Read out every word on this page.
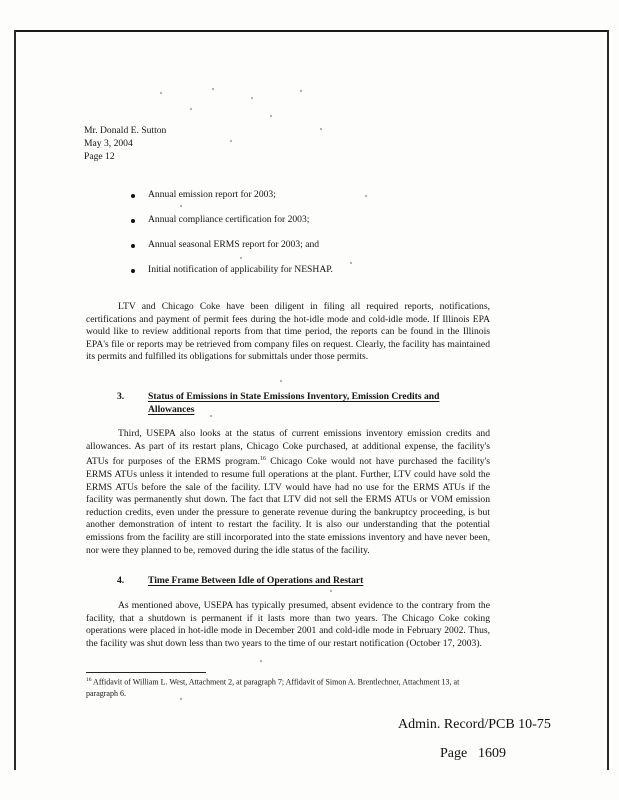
Mr. Donald E. Sutton
May 3, 2004
Page 12
Annual emission report for 2003;
Annual compliance certification for 2003;
Annual seasonal ERMS report for 2003; and
Initial notification of applicability for NESHAP.
LTV and Chicago Coke have been diligent in filing all required reports, notifications, certifications and payment of permit fees during the hot-idle mode and cold-idle mode. If Illinois EPA would like to review additional reports from that time period, the reports can be found in the Illinois EPA's file or reports may be retrieved from company files on request. Clearly, the facility has maintained its permits and fulfilled its obligations for submittals under those permits.
3. Status of Emissions in State Emissions Inventory, Emission Credits and
Allowances
Third, USEPA also looks at the status of current emissions inventory emission credits and allowances. As part of its restart plans, Chicago Coke purchased, at additional expense, the facility's ATUs for purposes of the ERMS program.$^{16}$ Chicago Coke would not have purchased the facility's ERMS ATUs unless it intended to resume full operations at the plant. Further, LTV could have sold the ERMS ATUs before the sale of the facility. LTV would have had no use for the ERMS ATUs if the facility was permanently shut down. The fact that LTV did not sell the ERMS ATUs or VOM emission reduction credits, even under the pressure to generate revenue during the bankruptcy proceeding, is but another demonstration of intent to restart the facility. It is also our understanding that the potential emissions from the facility are still incorporated into the state emissions inventory and have never been, nor were they planned to be, removed during the idle status of the facility.
4. Time Frame Between Idle of Operations and Restart
As mentioned above, USEPA has typically presumed, absent evidence to the contrary from the facility, that a shutdown is permanent if it lasts more than two years. The Chicago Coke coking operations were placed in hot-idle mode in December 2001 and cold-idle mode in February 2002. Thus, the facility was shut down less than two years to the time of our restart notification (October 17, 2003).
$^{16}$ Affidavit of William L. West, Attachment 2, at paragraph 7; Affidavit of Simon A. Brentlechner, Attachment 13, at paragraph 6.
Admin. Record/PCB 10-75
Page 1609
